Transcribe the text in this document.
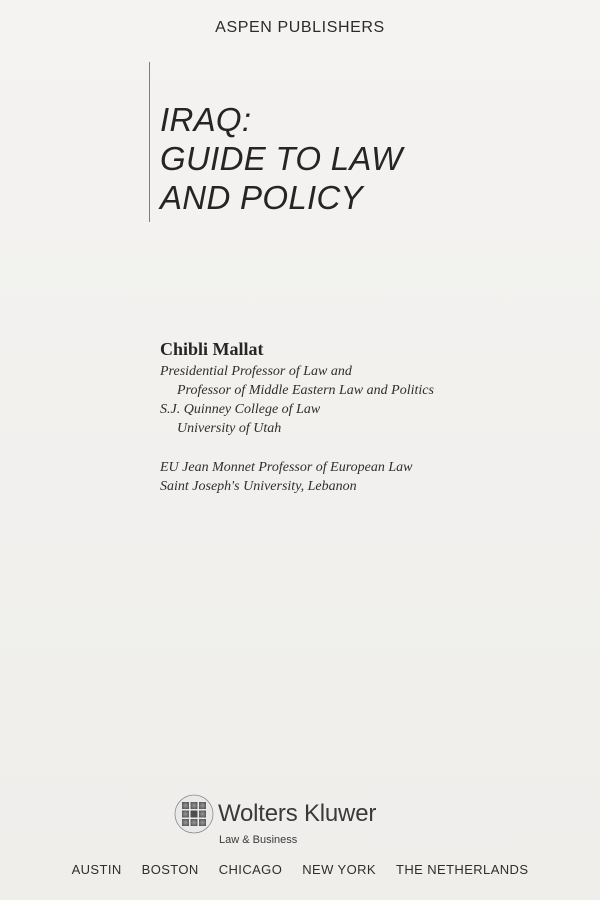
ASPEN PUBLISHERS
IRAQ:
GUIDE TO LAW
AND POLICY
Chibli Mallat
Presidential Professor of Law and
Professor of Middle Eastern Law and Politics
S.J. Quinney College of Law
University of Utah
EU Jean Monnet Professor of European Law
Saint Joseph's University, Lebanon
Wolters Kluwer
Law & Business
AUSTIN BOSTON CHICAGO NEW YORK THE NETHERLANDS
